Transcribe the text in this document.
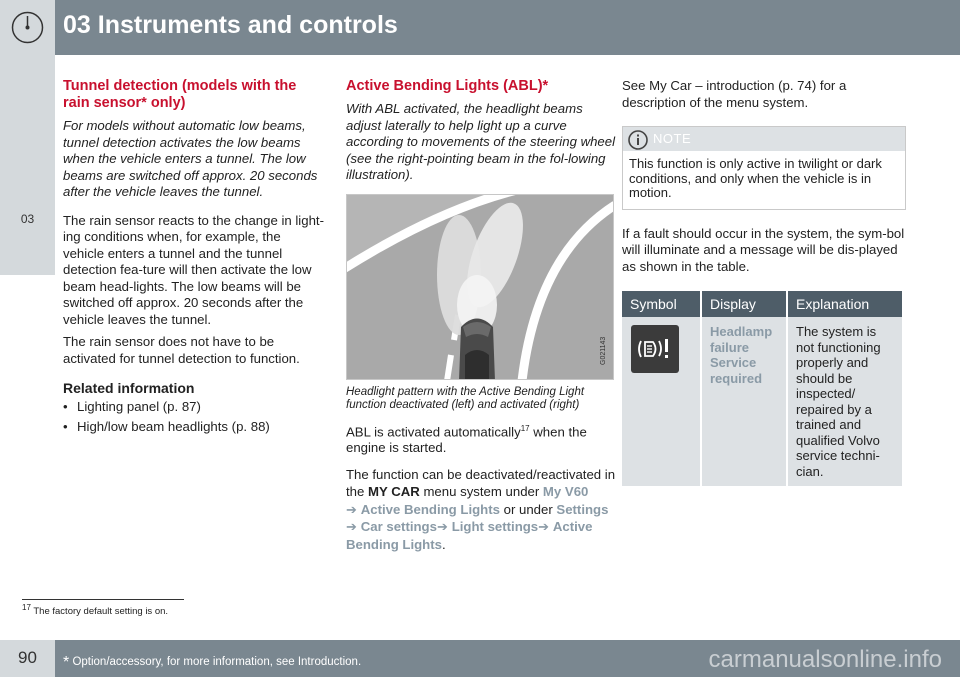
03 Instruments and controls
03
Tunnel detection (models with the rain sensor* only)
For models without automatic low beams, tunnel detection activates the low beams when the vehicle enters a tunnel. The low beams are switched off approx. 20 seconds after the vehicle leaves the tunnel.
The rain sensor reacts to the change in light-ing conditions when, for example, the vehicle enters a tunnel and the tunnel detection fea-ture will then activate the low beam head-lights. The low beams will be switched off approx. 20 seconds after the vehicle leaves the tunnel.
The rain sensor does not have to be activated for tunnel detection to function.
Related information
• Lighting panel (p. 87)
• High/low beam headlights (p. 88)
Active Bending Lights (ABL)*
With ABL activated, the headlight beams adjust laterally to help light up a curve according to movements of the steering wheel (see the right-pointing beam in the fol-lowing illustration).
G021143
Headlight pattern with the Active Bending Light function deactivated (left) and activated (right)
ABL is activated automatically$^{17}$ when the engine is started.
The function can be deactivated/reactivated in the MY CAR menu system under My V60
➔ Active Bending Lights or under Settings
➔ Car settings➔ Light settings➔ Active Bending Lights.
See My Car – introduction (p. 74) for a description of the menu system.
NOTE
This function is only active in twilight or dark conditions, and only when the vehicle is in motion.
If a fault should occur in the system, the sym-bol will illuminate and a message will be dis-played as shown in the table.
Symbol	Display	Explanation
	Headlamp failure Service required	The system is not functioning properly and should be inspected/ repaired by a trained and qualified Volvo service techni-cian.
$^{17}$ The factory default setting is on.
90	* Option/accessory, for more information, see Introduction.	carmanualsonline.info
